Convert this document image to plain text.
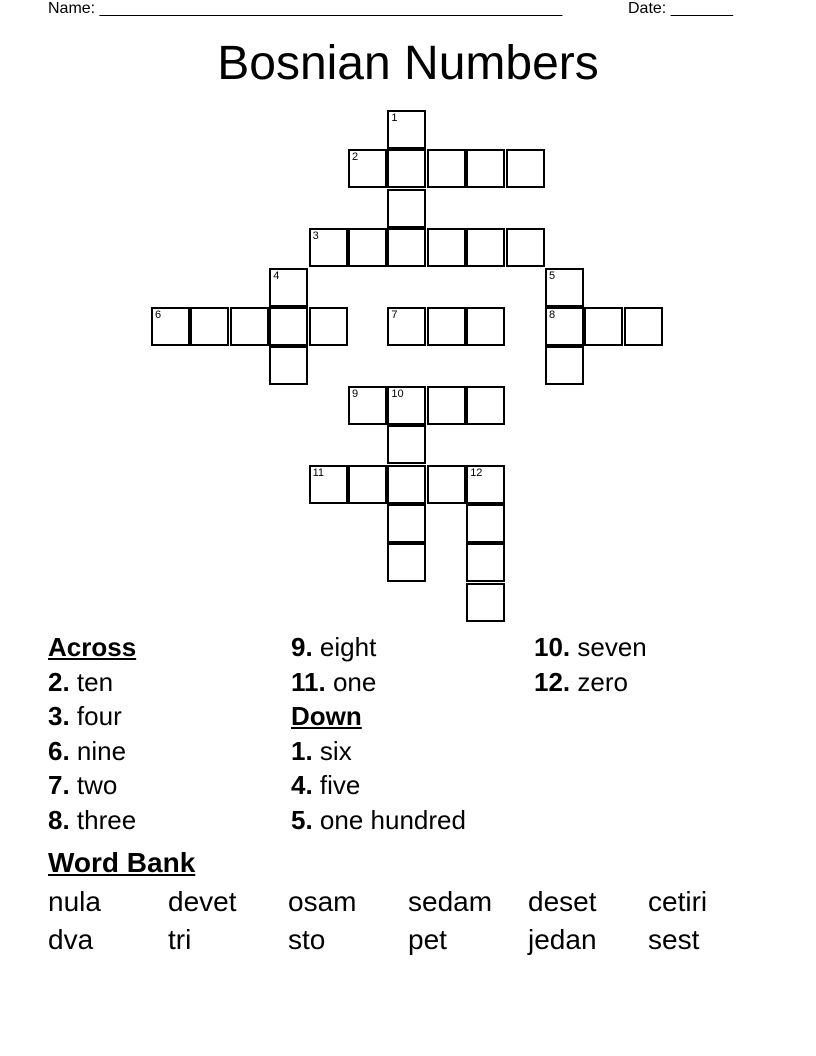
Name: ____________________________________________________	Date: _______
Bosnian Numbers
1
2
3
4	5
6	7	8
9	10
11	12
Across
2. ten
3. four
6. nine
7. two
8. three
9. eight
11. one
Down
1. six
4. five
5. one hundred
10. seven
12. zero
Word Bank
nula	devet	osam	sedam	deset	cetiri
dva	tri	sto	pet	jedan	sest
